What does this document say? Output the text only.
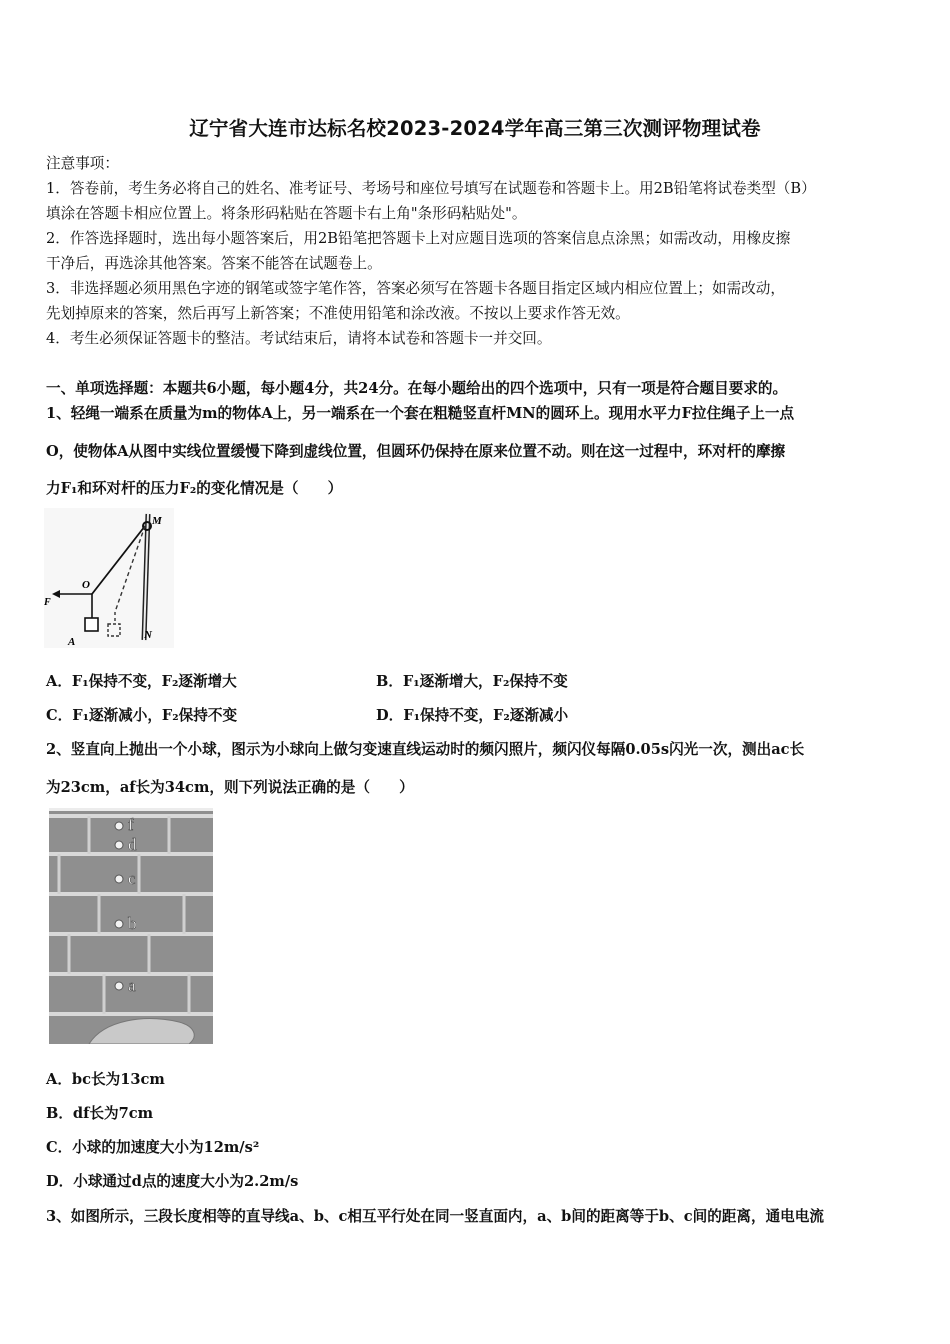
辽宁省大连市达标名校2023-2024学年高三第三次测评物理试卷
注意事项：
1．答卷前，考生务必将自己的姓名、准考证号、考场号和座位号填写在试题卷和答题卡上。用2B铅笔将试卷类型（B）
填涂在答题卡相应位置上。将条形码粘贴在答题卡右上角"条形码粘贴处"。
2．作答选择题时，选出每小题答案后，用2B铅笔把答题卡上对应题目选项的答案信息点涂黑；如需改动，用橡皮擦
干净后，再选涂其他答案。答案不能答在试题卷上。
3．非选择题必须用黑色字迹的钢笔或签字笔作答，答案必须写在答题卡各题目指定区域内相应位置上；如需改动，
先划掉原来的答案，然后再写上新答案；不准使用铅笔和涂改液。不按以上要求作答无效。
4．考生必须保证答题卡的整洁。考试结束后，请将本试卷和答题卡一并交回。
一、单项选择题：本题共6小题，每小题4分，共24分。在每小题给出的四个选项中，只有一项是符合题目要求的。
1、轻绳一端系在质量为m的物体A上，另一端系在一个套在粗糙竖直杆MN的圆环上。现用水平力F拉住绳子上一点
O，使物体A从图中实线位置缓慢下降到虚线位置，但圆环仍保持在原来位置不动。则在这一过程中，环对杆的摩擦
力F₁和环对杆的压力F₂的变化情况是（　　）
M
O
F
A
N
A．F₁保持不变，F₂逐渐增大	B．F₁逐渐增大，F₂保持不变
C．F₁逐渐减小，F₂保持不变	D．F₁保持不变，F₂逐渐减小
2、竖直向上抛出一个小球，图示为小球向上做匀变速直线运动时的频闪照片，频闪仪每隔0.05s闪光一次，测出ac长
为23cm，af长为34cm，则下列说法正确的是（　　）
f
d
c
b
a
A．bc长为13cm
B．df长为7cm
C．小球的加速度大小为12m/s²
D．小球通过d点的速度大小为2.2m/s
3、如图所示，三段长度相等的直导线a、b、c相互平行处在同一竖直面内，a、b间的距离等于b、c间的距离，通电电流
